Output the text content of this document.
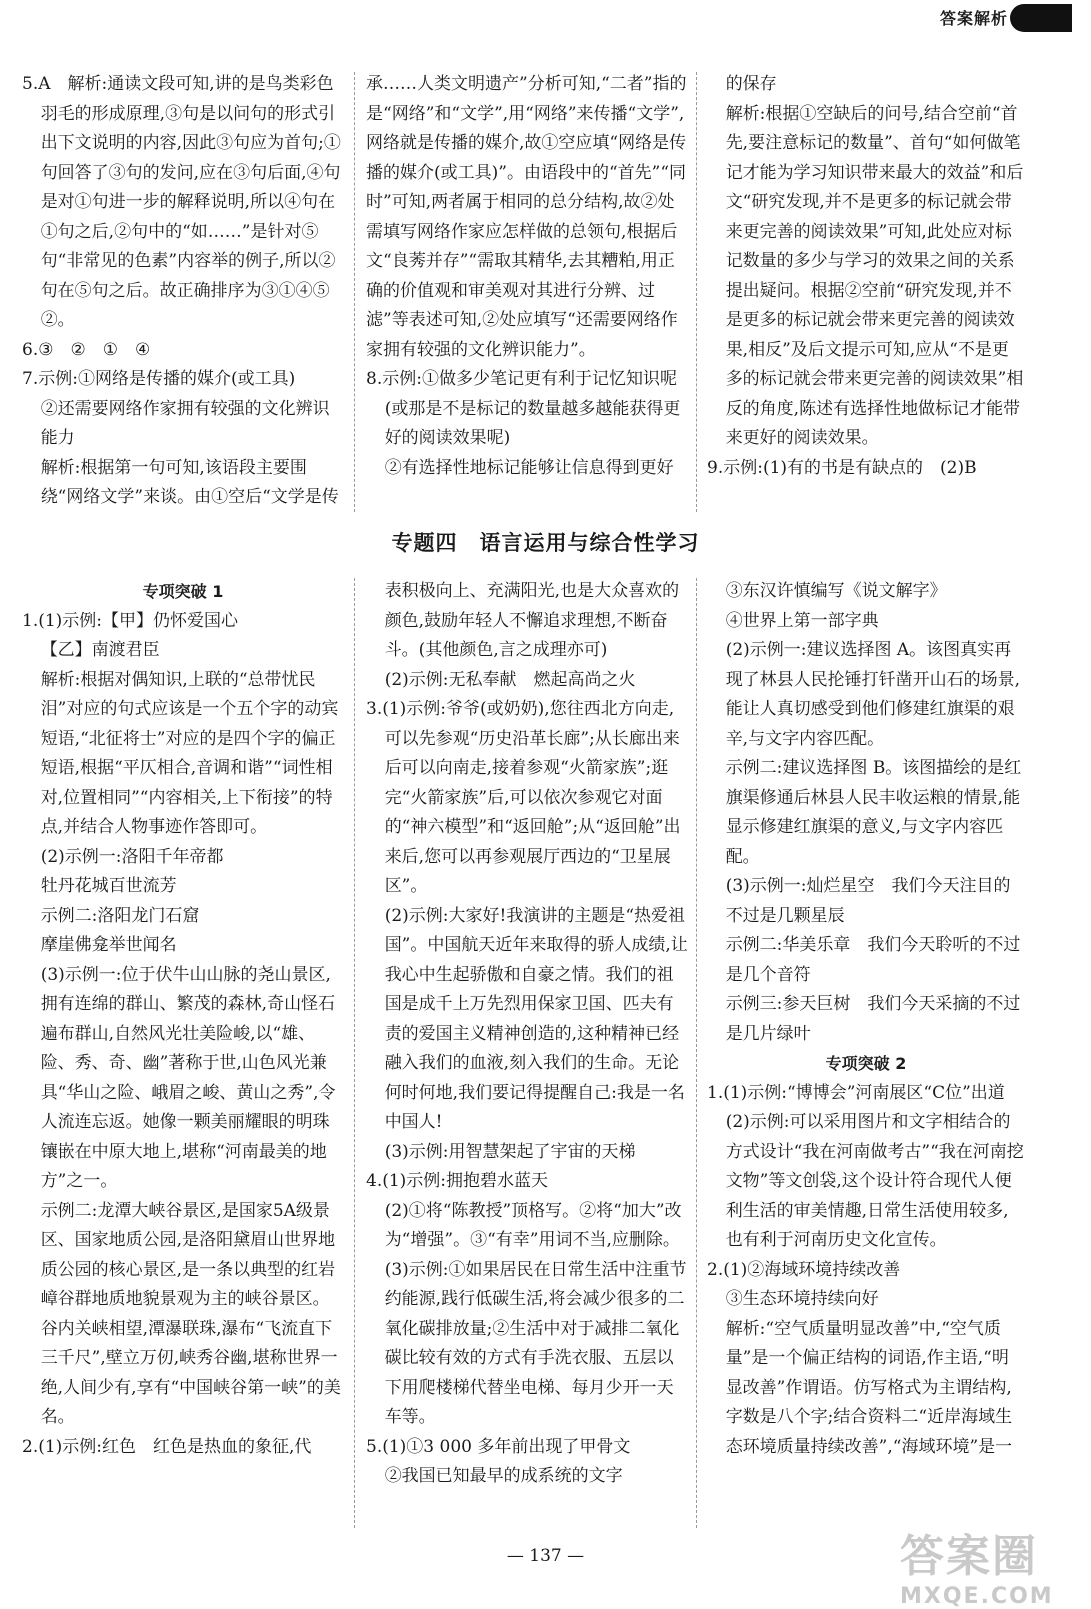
答案解析

5.A　解析:通读文段可知,讲的是鸟类彩色羽毛的形成原理,③句是以问句的形式引出下文说明的内容,因此③句应为首句;①句回答了③句的发问,应在③句后面,④句是对①句进一步的解释说明,所以④句在①句之后,②句中的“如……”是针对⑤句“非常见的色素”内容举的例子,所以②句在⑤句之后。故正确排序为③①④⑤②。

6.③　②　①　④

7.示例:①网络是传播的媒介(或工具)

②还需要网络作家拥有较强的文化辨识能力

解析:根据第一句可知,该语段主要围绕“网络文学”来谈。由①空后“文学是传

承……人类文明遗产”分析可知,“二者”指的是“网络”和“文学”,用“网络”来传播“文学”,网络就是传播的媒介,故①空应填“网络是传播的媒介(或工具)”。由语段中的“首先”“同时”可知,两者属于相同的总分结构,故②处需填写网络作家应怎样做的总领句,根据后文“良莠并存”“需取其精华,去其糟粕,用正确的价值观和审美观对其进行分辨、过滤”等表述可知,②处应填写“还需要网络作家拥有较强的文化辨识能力”。

8.示例:①做多少笔记更有利于记忆知识呢(或那是不是标记的数量越多越能获得更好的阅读效果呢)

②有选择性地标记能够让信息得到更好

的保存

解析:根据①空缺后的问号,结合空前“首先,要注意标记的数量”、首句“如何做笔记才能为学习知识带来最大的效益”和后文“研究发现,并不是更多的标记就会带来更完善的阅读效果”可知,此处应对标记数量的多少与学习的效果之间的关系提出疑问。根据②空前“研究发现,并不是更多的标记就会带来更完善的阅读效果,相反”及后文提示可知,应从“不是更多的标记就会带来更完善的阅读效果”相反的角度,陈述有选择性地做标记才能带来更好的阅读效果。

9.示例:(1)有的书是有缺点的　(2)B

专题四　语言运用与综合性学习

专项突破 1

1.(1)示例:【甲】仍怀爱国心

【乙】南渡君臣

解析:根据对偶知识,上联的“总带忧民泪”对应的句式应该是一个五个字的动宾短语,“北征将士”对应的是四个字的偏正短语,根据“平仄相合,音调和谐”“词性相对,位置相同”“内容相关,上下衔接”的特点,并结合人物事迹作答即可。

(2)示例一:洛阳千年帝都

牡丹花城百世流芳

示例二:洛阳龙门石窟

摩崖佛龛举世闻名

(3)示例一:位于伏牛山山脉的尧山景区,拥有连绵的群山、繁茂的森林,奇山怪石遍布群山,自然风光壮美险峻,以“雄、险、秀、奇、幽”著称于世,山色风光兼具“华山之险、峨眉之峻、黄山之秀”,令人流连忘返。她像一颗美丽耀眼的明珠镶嵌在中原大地上,堪称“河南最美的地方”之一。

示例二:龙潭大峡谷景区,是国家5A级景区、国家地质公园,是洛阳黛眉山世界地质公园的核心景区,是一条以典型的红岩嶂谷群地质地貌景观为主的峡谷景区。谷内关峡相望,潭瀑联珠,瀑布“飞流直下三千尺”,壁立万仞,峡秀谷幽,堪称世界一绝,人间少有,享有“中国峡谷第一峡”的美名。

2.(1)示例:红色　红色是热血的象征,代

表积极向上、充满阳光,也是大众喜欢的颜色,鼓励年轻人不懈追求理想,不断奋斗。(其他颜色,言之成理亦可)

(2)示例:无私奉献　燃起高尚之火

3.(1)示例:爷爷(或奶奶),您往西北方向走,可以先参观“历史沿革长廊”;从长廊出来后可以向南走,接着参观“火箭家族”;逛完“火箭家族”后,可以依次参观它对面的“神六模型”和“返回舱”;从“返回舱”出来后,您可以再参观展厅西边的“卫星展区”。

(2)示例:大家好!我演讲的主题是“热爱祖国”。中国航天近年来取得的骄人成绩,让我心中生起骄傲和自豪之情。我们的祖国是成千上万先烈用保家卫国、匹夫有责的爱国主义精神创造的,这种精神已经融入我们的血液,刻入我们的生命。无论何时何地,我们要记得提醒自己:我是一名中国人!

(3)示例:用智慧架起了宇宙的天梯

4.(1)示例:拥抱碧水蓝天

(2)①将“陈教授”顶格写。②将“加大”改为“增强”。③“有幸”用词不当,应删除。

(3)示例:①如果居民在日常生活中注重节约能源,践行低碳生活,将会减少很多的二氧化碳排放量;②生活中对于减排二氧化碳比较有效的方式有手洗衣服、五层以下用爬楼梯代替坐电梯、每月少开一天车等。

5.(1)①3 000 多年前出现了甲骨文

②我国已知最早的成系统的文字

③东汉许慎编写《说文解字》

④世界上第一部字典

(2)示例一:建议选择图 A。该图真实再现了林县人民抡锤打钎凿开山石的场景,能让人真切感受到他们修建红旗渠的艰辛,与文字内容匹配。

示例二:建议选择图 B。该图描绘的是红旗渠修通后林县人民丰收运粮的情景,能显示修建红旗渠的意义,与文字内容匹配。

(3)示例一:灿烂星空　我们今天注目的不过是几颗星辰

示例二:华美乐章　我们今天聆听的不过是几个音符

示例三:参天巨树　我们今天采摘的不过是几片绿叶

专项突破 2

1.(1)示例:“博博会”河南展区“C位”出道

(2)示例:可以采用图片和文字相结合的方式设计“我在河南做考古”“我在河南挖文物”等文创袋,这个设计符合现代人便利生活的审美情趣,日常生活使用较多,也有利于河南历史文化宣传。

2.(1)②海域环境持续改善

③生态环境持续向好

解析:“空气质量明显改善”中,“空气质量”是一个偏正结构的词语,作主语,“明显改善”作谓语。仿写格式为主谓结构,字数是八个字;结合资料二“近岸海域生态环境质量持续改善”,“海域环境”是一

— 137 —	答案圈
MXQE.COM
